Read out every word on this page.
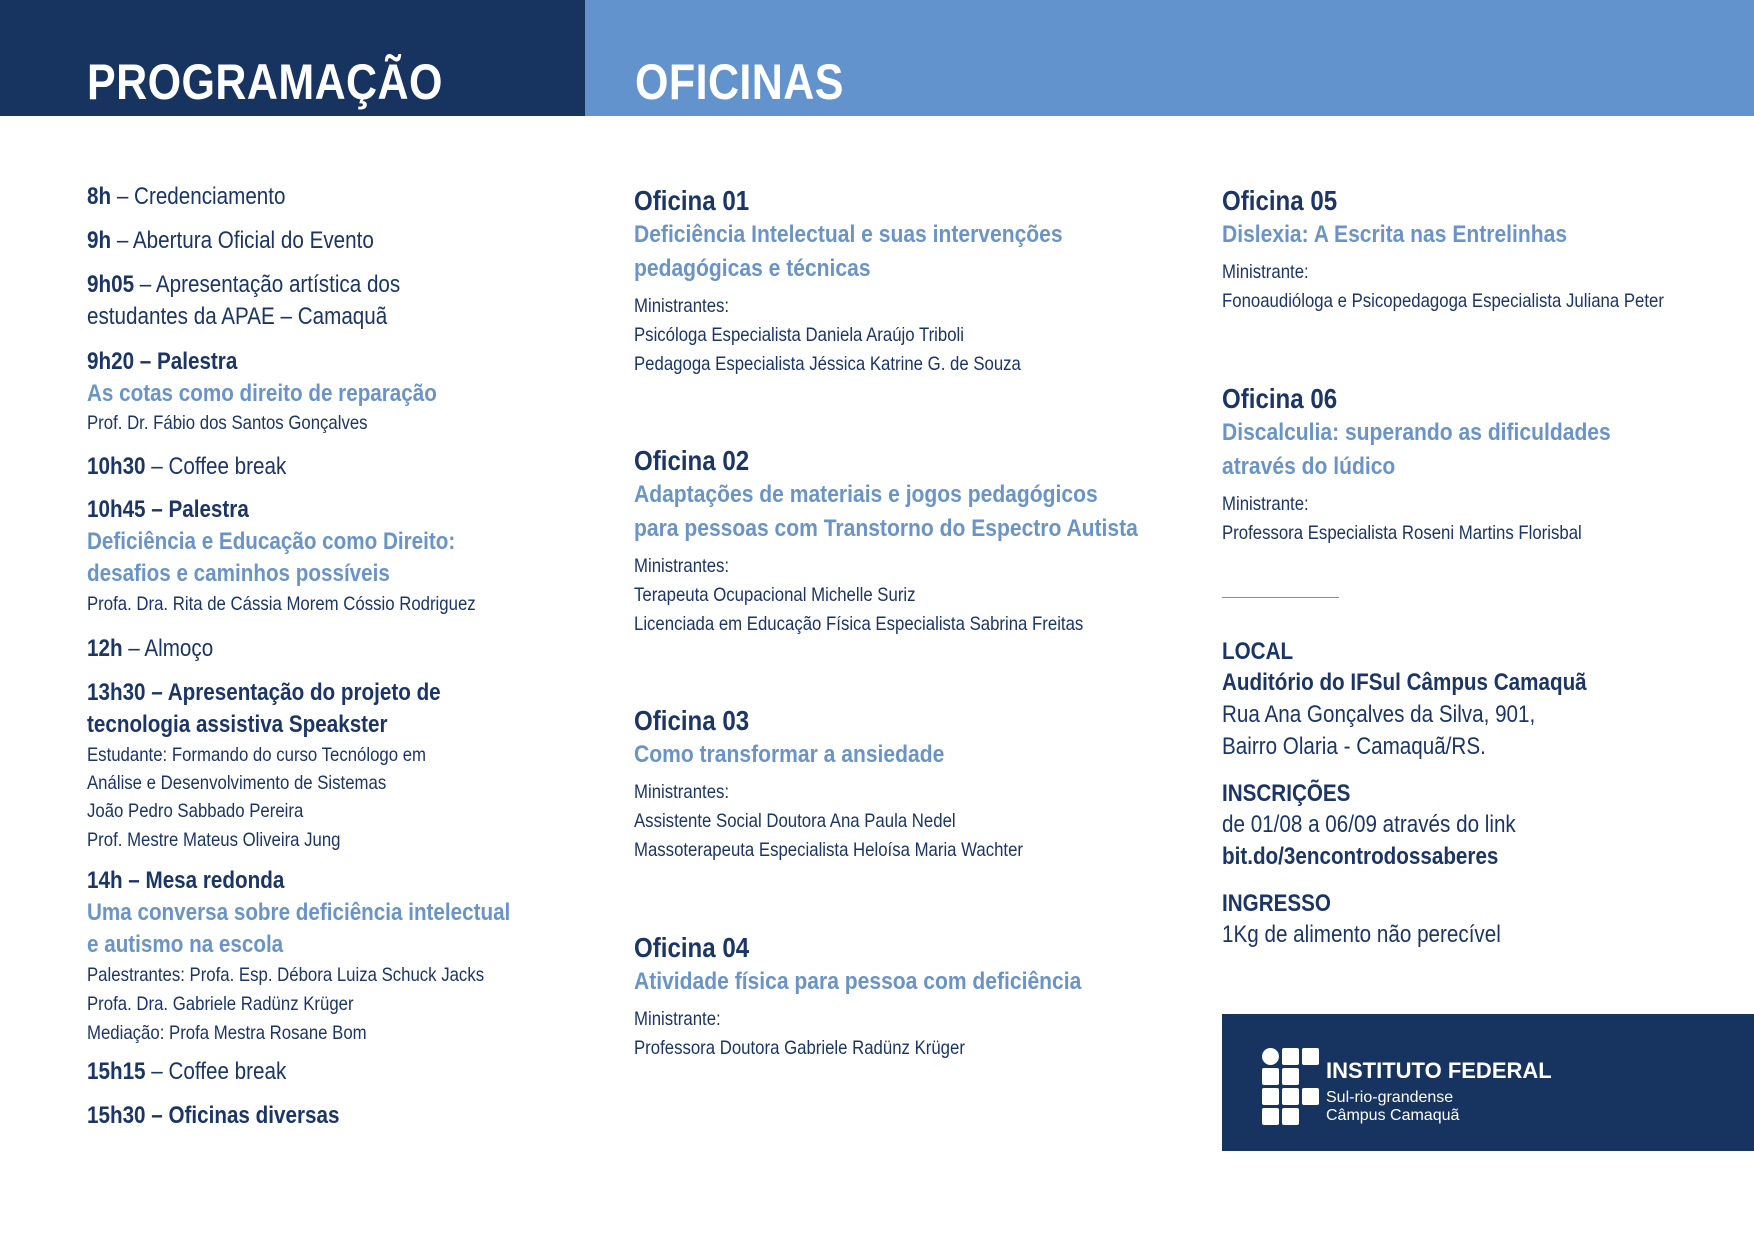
PROGRAMAÇÃO	OFICINAS
8h – Credenciamento
9h – Abertura Oficial do Evento
9h05 – Apresentação artística dos
estudantes da APAE – Camaquã
9h20 – Palestra
As cotas como direito de reparação
Prof. Dr. Fábio dos Santos Gonçalves
10h30 – Coffee break
10h45 – Palestra
Deficiência e Educação como Direito:
desafios e caminhos possíveis
Profa. Dra. Rita de Cássia Morem Cóssio Rodriguez
12h – Almoço
13h30 – Apresentação do projeto de
tecnologia assistiva Speakster
Estudante: Formando do curso Tecnólogo em
Análise e Desenvolvimento de Sistemas
João Pedro Sabbado Pereira
Prof. Mestre Mateus Oliveira Jung
14h – Mesa redonda
Uma conversa sobre deficiência intelectual
e autismo na escola
Palestrantes: Profa. Esp. Débora Luiza Schuck Jacks
Profa. Dra. Gabriele Radünz Krüger
Mediação: Profa Mestra Rosane Bom
15h15 – Coffee break
15h30 – Oficinas diversas
Oficina 01
Deficiência Intelectual e suas intervenções
pedagógicas e técnicas
Ministrantes:
Psicóloga Especialista Daniela Araújo Triboli
Pedagoga Especialista Jéssica Katrine G. de Souza
Oficina 02
Adaptações de materiais e jogos pedagógicos
para pessoas com Transtorno do Espectro Autista
Ministrantes:
Terapeuta Ocupacional Michelle Suriz
Licenciada em Educação Física Especialista Sabrina Freitas
Oficina 03
Como transformar a ansiedade
Ministrantes:
Assistente Social Doutora Ana Paula Nedel
Massoterapeuta Especialista Heloísa Maria Wachter
Oficina 04
Atividade física para pessoa com deficiência
Ministrante:
Professora Doutora Gabriele Radünz Krüger
Oficina 05
Dislexia: A Escrita nas Entrelinhas
Ministrante:
Fonoaudióloga e Psicopedagoga Especialista Juliana Peter
Oficina 06
Discalculia: superando as dificuldades
através do lúdico
Ministrante:
Professora Especialista Roseni Martins Florisbal
LOCAL
Auditório do IFSul Câmpus Camaquã
Rua Ana Gonçalves da Silva, 901,
Bairro Olaria - Camaquã/RS.
INSCRIÇÕES
de 01/08 a 06/09 através do link
bit.do/3encontrodossaberes
INGRESSO
1Kg de alimento não perecível
INSTITUTO FEDERAL
Sul-rio-grandense
Câmpus Camaquã
